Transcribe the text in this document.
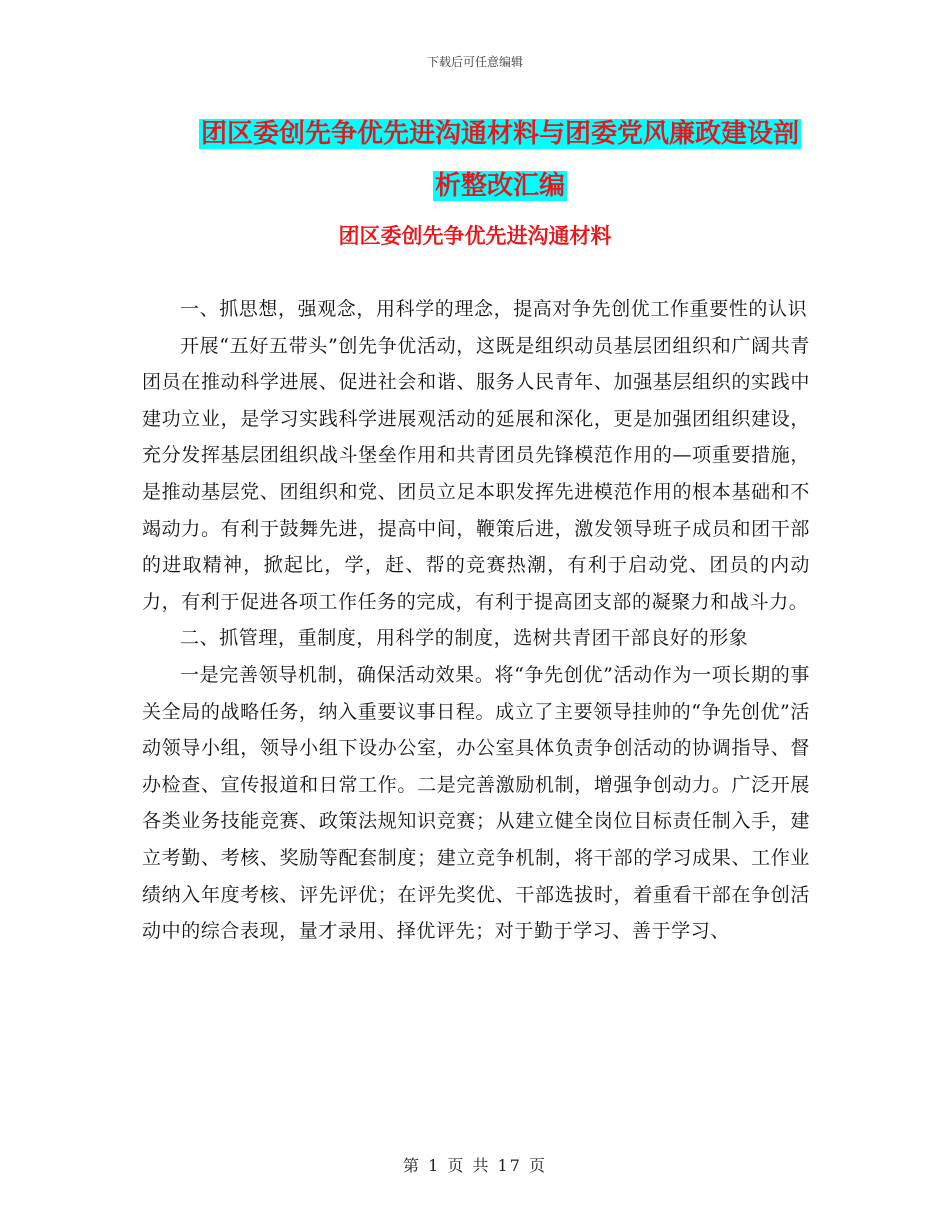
下载后可任意编辑
团区委创先争优先进沟通材料与团委党风廉政建设剖
析整改汇编
团区委创先争优先进沟通材料

一、抓思想，强观念，用科学的理念，提高对争先创优工作重要性的认识

开展“五好五带头”创先争优活动，这既是组织动员基层团组织和广阔共青团员在推动科学进展、促进社会和谐、服务人民青年、加强基层组织的实践中建功立业，是学习实践科学进展观活动的延展和深化，更是加强团组织建设，充分发挥基层团组织战斗堡垒作用和共青团员先锋模范作用的—项重要措施，是推动基层党、团组织和党、团员立足本职发挥先进模范作用的根本基础和不竭动力。有利于鼓舞先进，提高中间，鞭策后进，激发领导班子成员和团干部的进取精神，掀起比，学，赶、帮的竞赛热潮，有利于启动党、团员的内动力，有利于促进各项工作任务的完成，有利于提高团支部的凝聚力和战斗力。

二、抓管理，重制度，用科学的制度，选树共青团干部良好的形象

一是完善领导机制，确保活动效果。将“争先创优”活动作为一项长期的事关全局的战略任务，纳入重要议事日程。成立了主要领导挂帅的“争先创优”活动领导小组，领导小组下设办公室，办公室具体负责争创活动的协调指导、督办检查、宣传报道和日常工作。二是完善激励机制，增强争创动力。广泛开展各类业务技能竞赛、政策法规知识竞赛；从建立健全岗位目标责任制入手，建立考勤、考核、奖励等配套制度；建立竞争机制，将干部的学习成果、工作业绩纳入年度考核、评先评优；在评先奖优、干部选拔时，着重看干部在争创活动中的综合表现，量才录用、择优评先；对于勤于学习、善于学习、

第 1 页 共 17 页
